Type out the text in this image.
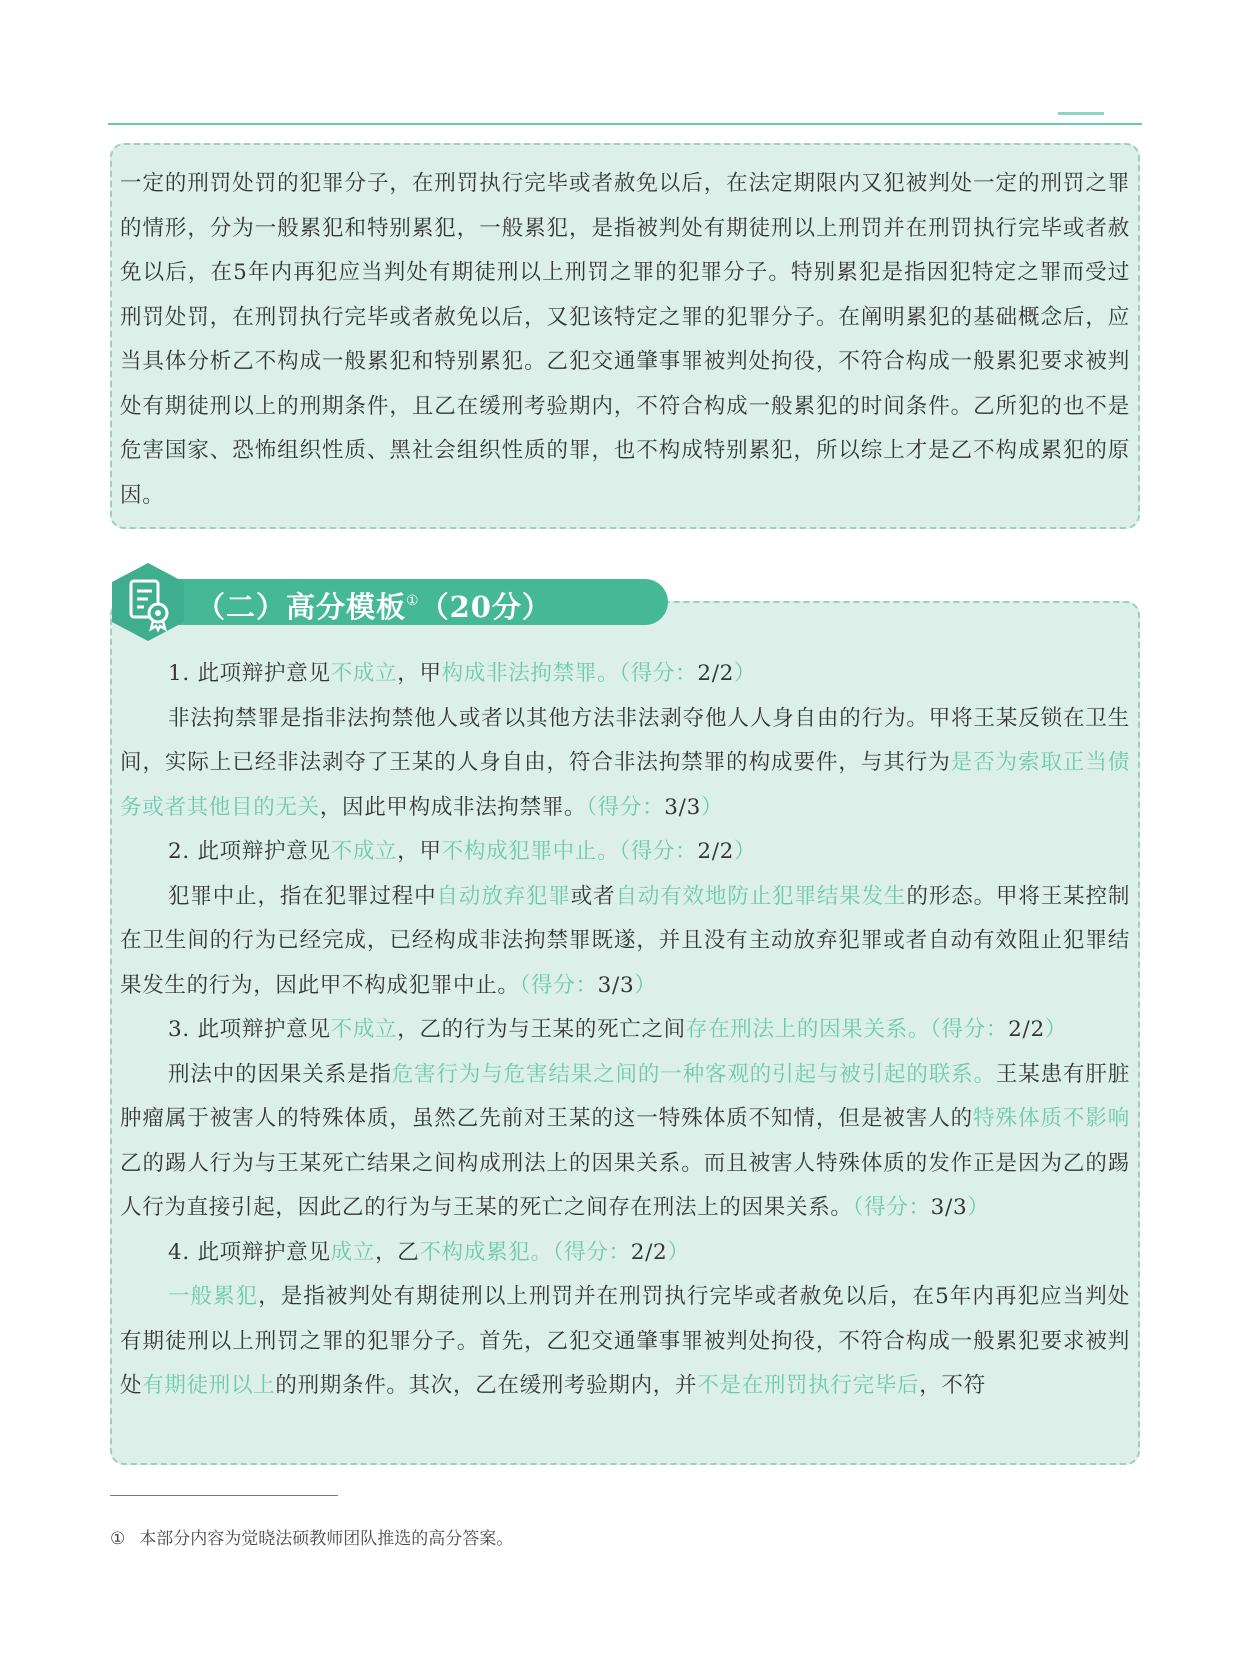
一定的刑罚处罚的犯罪分子，在刑罚执行完毕或者赦免以后，在法定期限内又犯被判处一定的刑罚之罪的情形，分为一般累犯和特别累犯，一般累犯，是指被判处有期徒刑以上刑罚并在刑罚执行完毕或者赦免以后，在5年内再犯应当判处有期徒刑以上刑罚之罪的犯罪分子。特别累犯是指因犯特定之罪而受过刑罚处罚，在刑罚执行完毕或者赦免以后，又犯该特定之罪的犯罪分子。在阐明累犯的基础概念后，应当具体分析乙不构成一般累犯和特别累犯。乙犯交通肇事罪被判处拘役，不符合构成一般累犯要求被判处有期徒刑以上的刑期条件，且乙在缓刑考验期内，不符合构成一般累犯的时间条件。乙所犯的也不是危害国家、恐怖组织性质、黑社会组织性质的罪，也不构成特别累犯，所以综上才是乙不构成累犯的原因。

1. 此项辩护意见不成立，甲构成非法拘禁罪。（得分：2/2）

非法拘禁罪是指非法拘禁他人或者以其他方法非法剥夺他人人身自由的行为。甲将王某反锁在卫生间，实际上已经非法剥夺了王某的人身自由，符合非法拘禁罪的构成要件，与其行为是否为索取正当债务或者其他目的无关，因此甲构成非法拘禁罪。（得分：3/3）

2. 此项辩护意见不成立，甲不构成犯罪中止。（得分：2/2）

犯罪中止，指在犯罪过程中自动放弃犯罪或者自动有效地防止犯罪结果发生的形态。甲将王某控制在卫生间的行为已经完成，已经构成非法拘禁罪既遂，并且没有主动放弃犯罪或者自动有效阻止犯罪结果发生的行为，因此甲不构成犯罪中止。（得分：3/3）

3. 此项辩护意见不成立，乙的行为与王某的死亡之间存在刑法上的因果关系。（得分：2/2）

刑法中的因果关系是指危害行为与危害结果之间的一种客观的引起与被引起的联系。王某患有肝脏肿瘤属于被害人的特殊体质，虽然乙先前对王某的这一特殊体质不知情，但是被害人的特殊体质不影响乙的踢人行为与王某死亡结果之间构成刑法上的因果关系。而且被害人特殊体质的发作正是因为乙的踢人行为直接引起，因此乙的行为与王某的死亡之间存在刑法上的因果关系。（得分：3/3）

4. 此项辩护意见成立，乙不构成累犯。（得分：2/2）

一般累犯，是指被判处有期徒刑以上刑罚并在刑罚执行完毕或者赦免以后，在5年内再犯应当判处有期徒刑以上刑罚之罪的犯罪分子。首先，乙犯交通肇事罪被判处拘役，不符合构成一般累犯要求被判处有期徒刑以上的刑期条件。其次，乙在缓刑考验期内，并不是在刑罚执行完毕后，不符

（二）高分模板①（20分）
① 本部分内容为觉晓法硕教师团队推选的高分答案。
